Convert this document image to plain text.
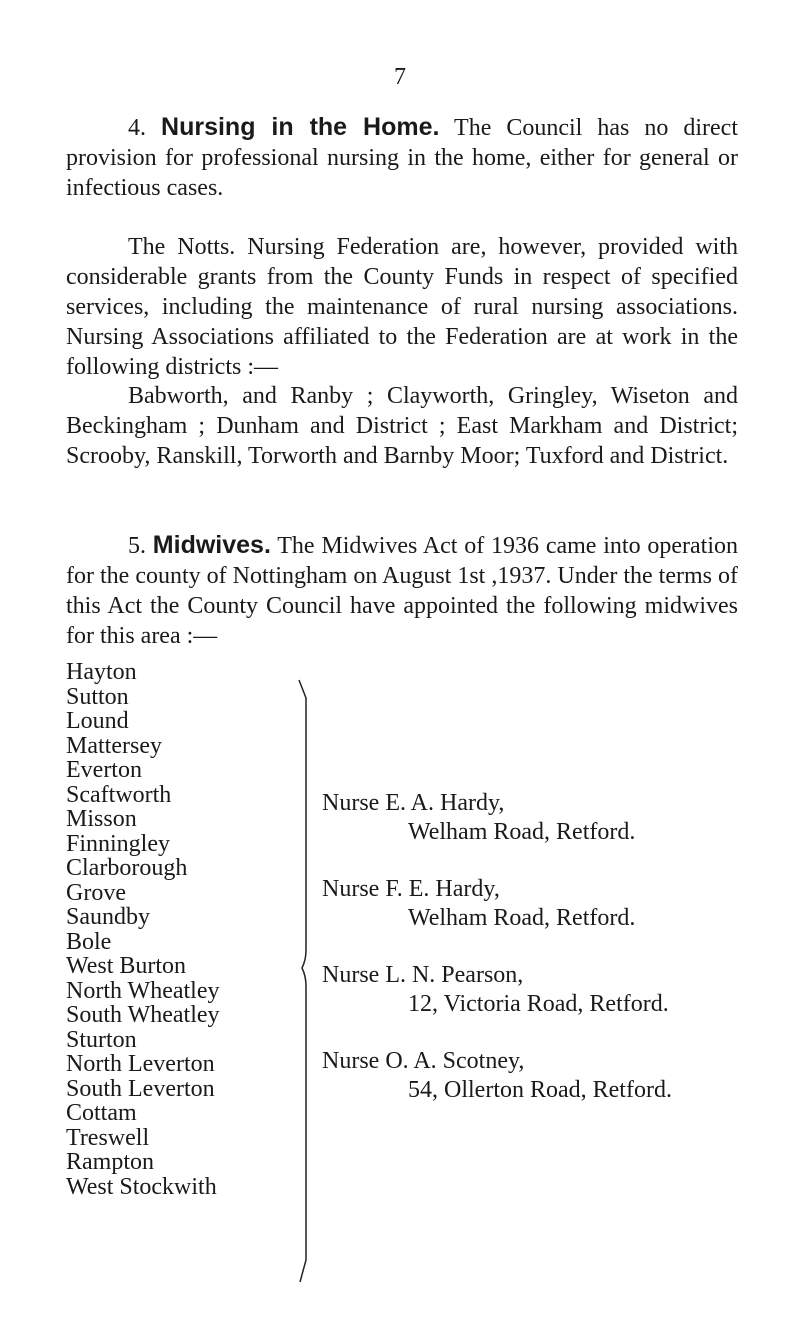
7
4. Nursing in the Home. The Council has no direct provision for professional nursing in the home, either for general or infectious cases.
The Notts. Nursing Federation are, however, provided with considerable grants from the County Funds in respect of specified services, including the maintenance of rural nursing associations. Nursing Associations affiliated to the Federation are at work in the following districts :—
Babworth, and Ranby ; Clayworth, Gringley, Wiseton and Beckingham ; Dunham and District ; East Markham and District; Scrooby, Ranskill, Torworth and Barnby Moor; Tuxford and District.
5. Midwives. The Midwives Act of 1936 came into operation for the county of Nottingham on August 1st ,1937. Under the terms of this Act the County Council have appointed the following midwives for this area :—
Hayton
Sutton
Lound
Mattersey
Everton
Scaftworth
Misson
Finningley
Clarborough
Grove
Saundby
Bole
West Burton
North Wheatley
South Wheatley
Sturton
North Leverton
South Leverton
Cottam
Treswell
Rampton
West Stockwith
Nurse E. A. Hardy,
Welham Road, Retford.
Nurse F. E. Hardy,
Welham Road, Retford.
Nurse L. N. Pearson,
12, Victoria Road, Retford.
Nurse O. A. Scotney,
54, Ollerton Road, Retford.
